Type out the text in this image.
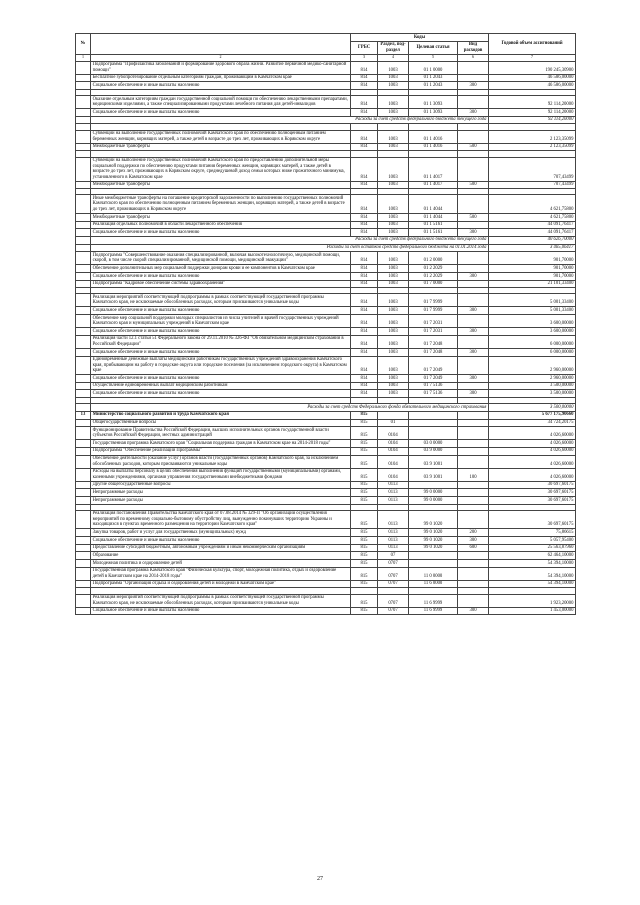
№		Коды				Годовой объем ассигнований
		ГРБС	Раздел, под-раздел	Целевая статья	Вид расходов	
1	2	3	4	5	6	7
	Подпрограмма "Профилактика заболеваний и формирование здорового образа жизни. Развитие первичной медико-санитарной помощи"	814	1003	01 1 0000		190 245,30900
	Бесплатное зубопротезирование отдельным категориям граждан, проживающим в Камчатском крае	814	1003	01 1 2043		46 586,00000
	Социальное обеспечение и иные выплаты населению	814	1003	01 1 2043	300	46 586,00000

	Оказание отдельным категориям граждан государственной социальной помощи по обеспечению лекарственными препаратами, медицинскими изделиями, а также специализированными продуктами лечебного питания для детей-инвалидов	814	1003	01 1 3093		92 114,20000
	Социальное обеспечение и иные выплаты населению	814	1003	01 1 3093	300	92 114,20000
	Расходы за счет средств федерального бюджета текущего года					92 114,20000

	Субвенции на выполнение государственных полномочий Камчатского края по обеспечению полноценным питанием беременных женщин, кормящих матерей, а также детей в возрасте до трех лет, проживающих в Корякском округе	814	1003	01 1 4016		2 123,35099
	Межбюджетные трансферты	814	1003	01 1 4016	500	2 123,35099

	Субвенции на выполнение государственных полномочий Камчатского края по предоставлению дополнительной меры социальной поддержки по обеспечению продуктами питания беременных женщин, кормящих матерей, а также детей в возрасте до трех лет, проживающих в Корякском округе, среднедушевой доход семьи которых ниже прожиточного минимума, установленного в Камчатском крае	814	1003	01 1 4017		707,43499
	Межбюджетные трансферты	814	1003	01 1 4017	500	707,43499

	Иные межбюджетные трансферты на погашение кредиторской задолженности по выполнению государственных полномочий Камчатского края по обеспечению полноценным питанием беременных женщин, кормящих матерей, а также детей в возрасте до трех лет, проживающих в Корякском округе	814	1003	01 1 4044		4 621,75800
	Межбюджетные трансферты	814	1003	01 1 4044	500	4 621,75800
	Реализация отдельных полномочий в области лекарственного обеспечения	814	1003	01 1 5161		44 091,76417
	Социальное обеспечение и иные выплаты населению	814	1003	01 1 5161	300	44 091,76417
	Расходы за счет средств федерального бюджета текущего года					40 626,70000
	Расходы за счет остатков средств федерального бюджета на 01.01.2014 года					3 465,06417
	Подпрограмма "Совершенствование оказания специализированной, включая высокотехнологичную, медицинской помощи, скорой, в том числе скорой специализированной, медицинской помощи, медицинской эвакуации"	814	1003	01 2 0000		901,70000
	Обеспечение дополнительных мер социальной поддержки донорам крови и ее компонентов в Камчатском крае	814	1003	01 2 2029		901,70000
	Социальное обеспечение и иные выплаты населению	814	1003	01 2 2029	300	901,70000
	Подпрограмма "Кадровое обеспечение системы здравоохранения"	814	1003	01 7 0000		21 101,33400

	Реализация мероприятий соответствующей подпрограммы в рамках соответствующей государственной программы Камчатского края, не исключаемые обособленных расходах, которым присваиваются уникальные коды	814	1003	01 7 9999		5 001,33400
	Социальное обеспечение и иные выплаты населению	814	1003	01 7 9999	300	5 001,33400
	Обеспечение мер социальной поддержки молодых специалистов из числа учителей и врачей государственных учреждений Камчатского края и муниципальных учреждений в Камчатском крае	814	1003	01 7 2031		3 600,00000
	Социальное обеспечение и иные выплаты населению	814	1003	01 7 2031	300	3 600,00000
	Реализация части 12.1 статьи 51 Федерального закона от 29.11.2010 № 326-ФЗ "Об обязательном медицинском страховании в Российской Федерации"	814	1003	01 7 2048		6 000,00000
	Социальное обеспечение и иные выплаты населению	814	1003	01 7 2048	300	6 000,00000
	Единовременные денежные выплаты медицинским работникам государственных учреждений здравоохранения Камчатского края, прибывающим на работу в городские округа или городские поселения (за исключением городского округа) в Камчатском крае	814	1003	01 7 2049		2 960,00000
	Социальное обеспечение и иные выплаты населению	814	1003	01 7 2049	300	2 960,00000
	Осуществление единовременных выплат медицинским работникам	814	1003	01 7 5136		3 500,00000
	Социальное обеспечение и иные выплаты населению	814	1003	01 7 5136	300	3 500,00000

	Расходы за счет средств Федерального фонда обязательного медицинского страхования					3 500,00000
13	Министерство социального развития и труда Камчатского края	815				5 677 175,90660
	Общегосударственные вопросы	815	01			34 724,20175
	Функционирование Правительства Российской Федерации, высших исполнительных органов государственной власти субъектов Российской Федерации, местных администраций	815	0104			4 026,60000
	Государственная программа Камчатского края "Социальная поддержка граждан в Камчатском крае на 2014-2018 годы"	815	0104	03 0 0000		4 026,60000
	Подпрограмма "Обеспечение реализации Программы"	815	0104	03 9 0000		4 026,60000
	Обеспечение деятельности (оказание услуг) органов власти (государственных органов) Камчатского края, за исключением обособленных расходов, которым присваиваются уникальные коды	815	0104	03 9 1001		4 026,60000
	Расходы на выплаты персоналу в целях обеспечения выполнения функций государственными (муниципальными) органами, казенными учреждениями, органами управления государственными внебюджетными фондами	815	0104	03 9 1001	100	4 026,60000
	Другие общегосударственные вопросы	815	0113			30 697,60175
	Непрограммные расходы	815	0113	99 0 0000		30 697,60175
	Непрограммные расходы	815	0113	99 0 0000		30 697,60175

	Реализация постановления Правительства Камчатского края от 07.08.2014 № 329-П "Об организации осуществления мероприятий по временному социально-бытовому обустройству лиц, вынужденно покинувших территорию Украины и находящихся в пунктах временного размещения на территории Камчатского края"	815	0113	99 0 1020		30 697,60175
	Закупка товаров, работ и услуг для государственных (муниципальных) нужд	815	0113	99 0 1020	200	75,86615
	Социальное обеспечение и иные выплаты населению	815	0113	99 0 1020	300	5 057,95400
	Предоставление субсидий бюджетным, автономным учреждениям и иным некоммерческим организациям	815	0113	99 0 1020	600	25 563,87960
	Образование	815	07			62 464,10000
	Молодежная политика и оздоровление детей	815	0707			54 394,10000
	Государственная программа Камчатского края "Физическая культура, спорт, молодежная политика, отдых и оздоровление детей в Камчатском крае на 2014-2018 годы"	815	0707	11 0 0000		54 394,10000
	Подпрограмма "Организация отдыха и оздоровления детей и молодежи в Камчатском крае"	815	0707	11 6 0000		54 394,10000

	Реализация мероприятий соответствующей подпрограммы в рамках соответствующей государственной программы Камчатского края, не исключаемые обособленных расходах, которым присваиваются уникальные коды	815	0707	11 6 9999		1 923,20000
	Социальное обеспечение и иные выплаты населению	815	0707	11 6 9999	300	1 453,00000
27
